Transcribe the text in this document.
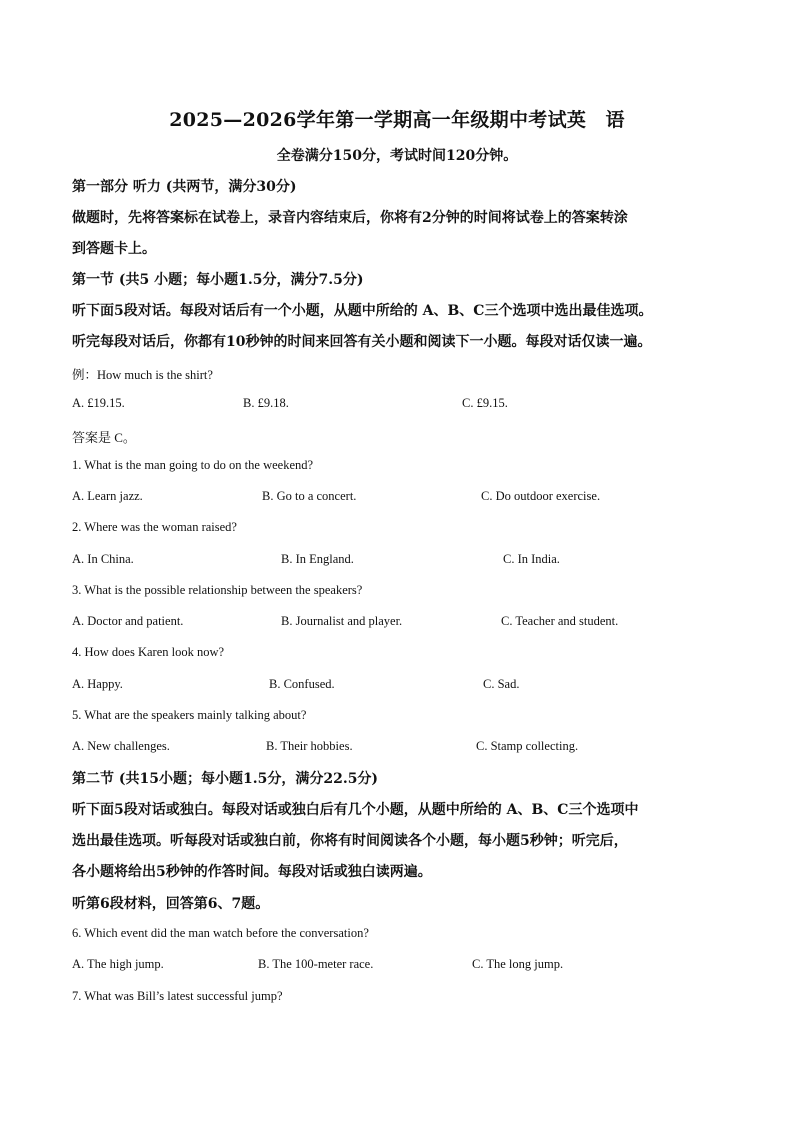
2025—2026学年第一学期高一年级期中考试英　语
全卷满分150分，考试时间120分钟。
第一部分 听力 (共两节，满分30分)
做题时，先将答案标在试卷上，录音内容结束后，你将有2分钟的时间将试卷上的答案转涂
到答题卡上。
第一节 (共5 小题；每小题1.5分，满分7.5分)
听下面5段对话。每段对话后有一个小题，从题中所给的 A、B、C三个选项中选出最佳选项。
听完每段对话后，你都有10秒钟的时间来回答有关小题和阅读下一小题。每段对话仅读一遍。
例：How much is the shirt?
A. £19.15.	B. £9.18.	C. £9.15.
答案是 C。
1. What is the man going to do on the weekend?
A. Learn jazz.	B. Go to a concert.	C. Do outdoor exercise.
2. Where was the woman raised?
A. In China.	B. In England.	C. In India.
3. What is the possible relationship between the speakers?
A. Doctor and patient.	B. Journalist and player.	C. Teacher and student.
4. How does Karen look now?
A. Happy.	B. Confused.	C. Sad.
5. What are the speakers mainly talking about?
A. New challenges.	B. Their hobbies.	C. Stamp collecting.
第二节 (共15小题；每小题1.5分，满分22.5分)
听下面5段对话或独白。每段对话或独白后有几个小题，从题中所给的 A、B、C三个选项中
选出最佳选项。听每段对话或独白前，你将有时间阅读各个小题，每小题5秒钟；听完后，
各小题将给出5秒钟的作答时间。每段对话或独白读两遍。
听第6段材料，回答第6、7题。
6. Which event did the man watch before the conversation?
A. The high jump.	B. The 100-meter race.	C. The long jump.
7. What was Bill’s latest successful jump?
